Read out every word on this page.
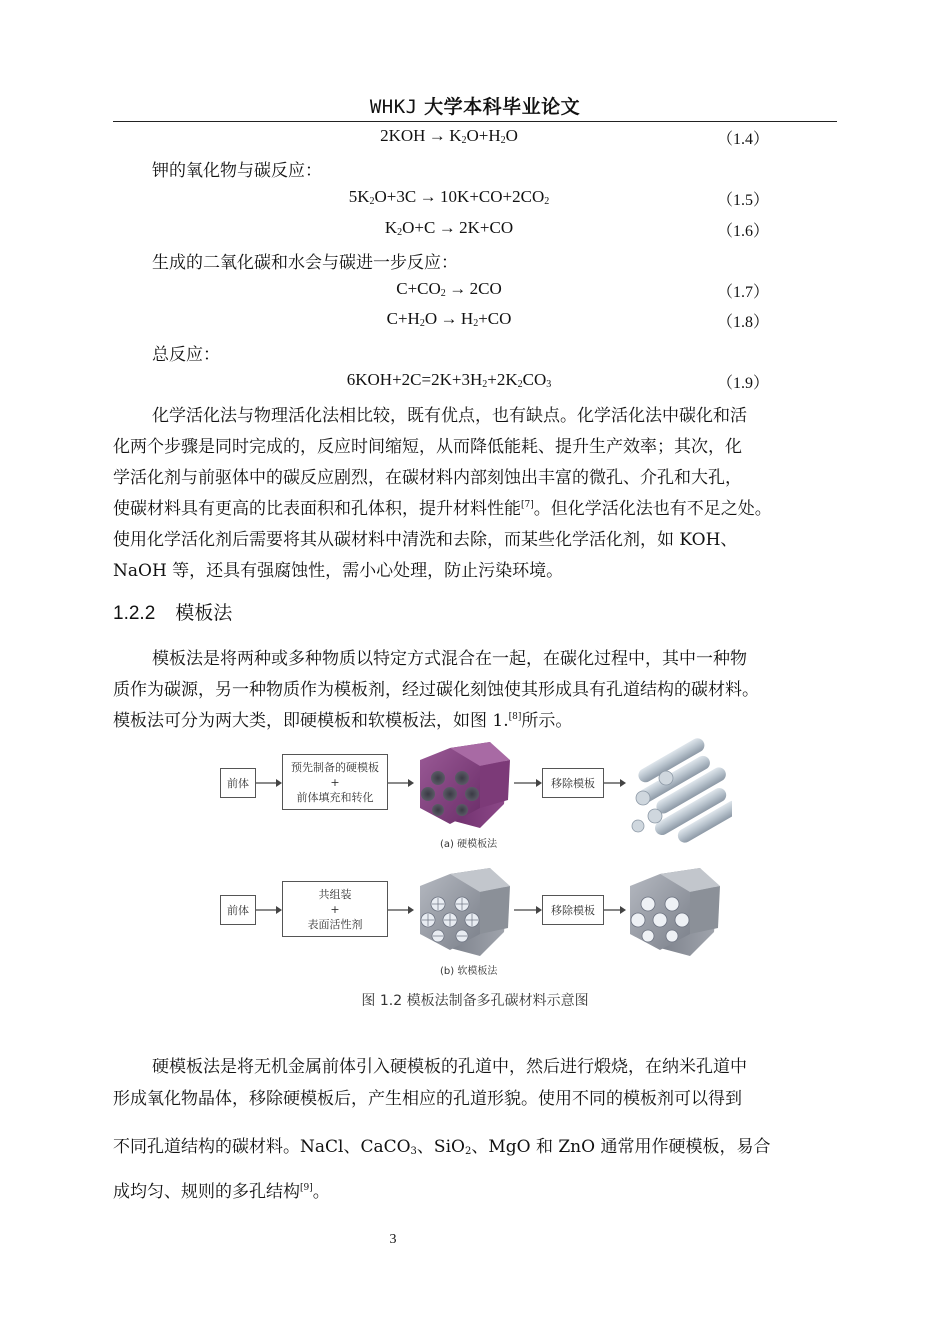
WHKJ 大学本科毕业论文
$2KOH \to K_2O+H_2O$	（1.4）
钾的氧化物与碳反应：
$5K_2O+3C \to 10K+CO+2CO_2$	（1.5）
$K_2O+C \to 2K+CO$	（1.6）
生成的二氧化碳和水会与碳进一步反应：
$C+CO_2 \to 2CO$	（1.7）
$C+H_2O \to H_2+CO$	（1.8）
总反应：
$6KOH+2C=2K+3H_2+2K_2CO_3$	（1.9）
化学活化法与物理活化法相比较，既有优点，也有缺点。化学活化法中碳化和活
化两个步骤是同时完成的，反应时间缩短，从而降低能耗、提升生产效率；其次，化
学活化剂与前驱体中的碳反应剧烈，在碳材料内部刻蚀出丰富的微孔、介孔和大孔，
使碳材料具有更高的比表面积和孔体积，提升材料性能[7]。但化学活化法也有不足之处。
使用化学活化剂后需要将其从碳材料中清洗和去除，而某些化学活化剂，如 KOH、
NaOH 等，还具有强腐蚀性，需小心处理，防止污染环境。
1.2.2 模板法
模板法是将两种或多种物质以特定方式混合在一起，在碳化过程中，其中一种物
质作为碳源，另一种物质作为模板剂，经过碳化刻蚀使其形成具有孔道结构的碳材料。
模板法可分为两大类，即硬模板和软模板法，如图 1.[8]所示。
前体
预先制备的硬模板
+
前体填充和转化
移除模板
(a) 硬模板法
前体
共组装
+
表面活性剂
移除模板
(b) 软模板法
图 1.2 模板法制备多孔碳材料示意图
硬模板法是将无机金属前体引入硬模板的孔道中，然后进行煅烧，在纳米孔道中
形成氧化物晶体，移除硬模板后，产生相应的孔道形貌。使用不同的模板剂可以得到
不同孔道结构的碳材料。NaCl、CaCO$_3$、SiO$_2$、MgO 和 ZnO 通常用作硬模板，易合
成均匀、规则的多孔结构[9]。
3
